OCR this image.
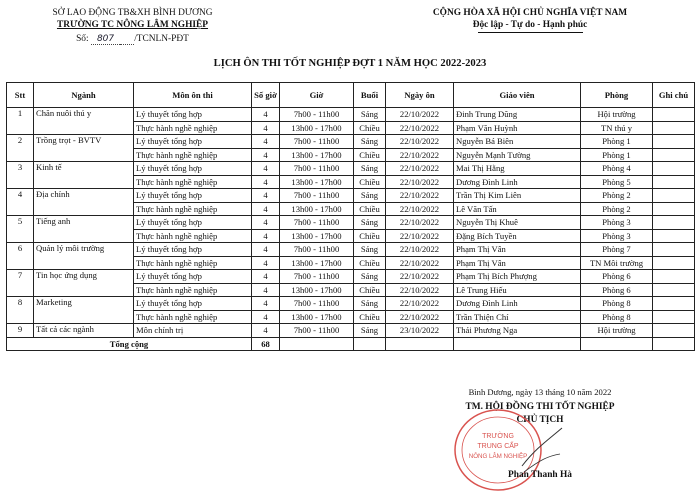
SỞ LAO ĐỘNG TB&XH BÌNH DƯƠNG
TRƯỜNG TC NÔNG LÂM NGHIỆP
Số: 807 /TCNLN-PĐT
CỘNG HÒA XÃ HỘI CHỦ NGHĨA VIỆT NAM
Độc lập - Tự do - Hạnh phúc
LỊCH ÔN THI TỐT NGHIỆP ĐỢT 1 NĂM HỌC 2022-2023
Stt	Ngành	Môn ôn thi	Số giờ	Giờ	Buổi	Ngày ôn	Giáo viên	Phòng	Ghi chú
1	Chăn nuôi thú y	Lý thuyết tổng hợp	4	7h00 - 11h00	Sáng	22/10/2022	Đinh Trung Dũng	Hội trường	
		Thực hành nghề nghiệp	4	13h00 - 17h00	Chiều	22/10/2022	Phạm Văn Huỳnh	TN thú y	
2	Trồng trọt - BVTV	Lý thuyết tổng hợp	4	7h00 - 11h00	Sáng	22/10/2022	Nguyễn Bá Biên	Phòng 1	
		Thực hành nghề nghiệp	4	13h00 - 17h00	Chiều	22/10/2022	Nguyễn Mạnh Tường	Phòng 1	
3	Kinh tế	Lý thuyết tổng hợp	4	7h00 - 11h00	Sáng	22/10/2022	Mai Thị Hằng	Phòng 4	
		Thực hành nghề nghiệp	4	13h00 - 17h00	Chiều	22/10/2022	Dương Đình Linh	Phòng 5	
4	Địa chính	Lý thuyết tổng hợp	4	7h00 - 11h00	Sáng	22/10/2022	Trần Thị Kim Liên	Phòng 2	
		Thực hành nghề nghiệp	4	13h00 - 17h00	Chiều	22/10/2022	Lê Văn Tấn	Phòng 2	
5	Tiếng anh	Lý thuyết tổng hợp	4	7h00 - 11h00	Sáng	22/10/2022	Nguyễn Thị Khuê	Phòng 3	
		Thực hành nghề nghiệp	4	13h00 - 17h00	Chiều	22/10/2022	Đặng Bích Tuyền	Phòng 3	
6	Quản lý môi trường	Lý thuyết tổng hợp	4	7h00 - 11h00	Sáng	22/10/2022	Phạm Thị Vân	Phòng 7	
		Thực hành nghề nghiệp	4	13h00 - 17h00	Chiều	22/10/2022	Phạm Thị Vân	TN Môi trường	
7	Tin học ứng dụng	Lý thuyết tổng hợp	4	7h00 - 11h00	Sáng	22/10/2022	Phạm Thị Bích Phượng	Phòng 6	
		Thực hành nghề nghiệp	4	13h00 - 17h00	Chiều	22/10/2022	Lê Trung Hiếu	Phòng 6	
8	Marketing	Lý thuyết tổng hợp	4	7h00 - 11h00	Sáng	22/10/2022	Dương Đình Linh	Phòng 8	
		Thực hành nghề nghiệp	4	13h00 - 17h00	Chiều	22/10/2022	Trần Thiện Chí	Phòng 8	
9	Tất cả các ngành	Môn chính trị	4	7h00 - 11h00	Sáng	23/10/2022	Thái Phương Nga	Hội trường	
Tổng cộng			68						
Bình Dương, ngày 13 tháng 10 năm 2022
TM. HỘI ĐỒNG THI TỐT NGHIỆP
CHỦ TỊCH
TRƯỜNG
TRUNG CẤP
NÔNG LÂM NGHIỆP
Phan Thanh Hà
